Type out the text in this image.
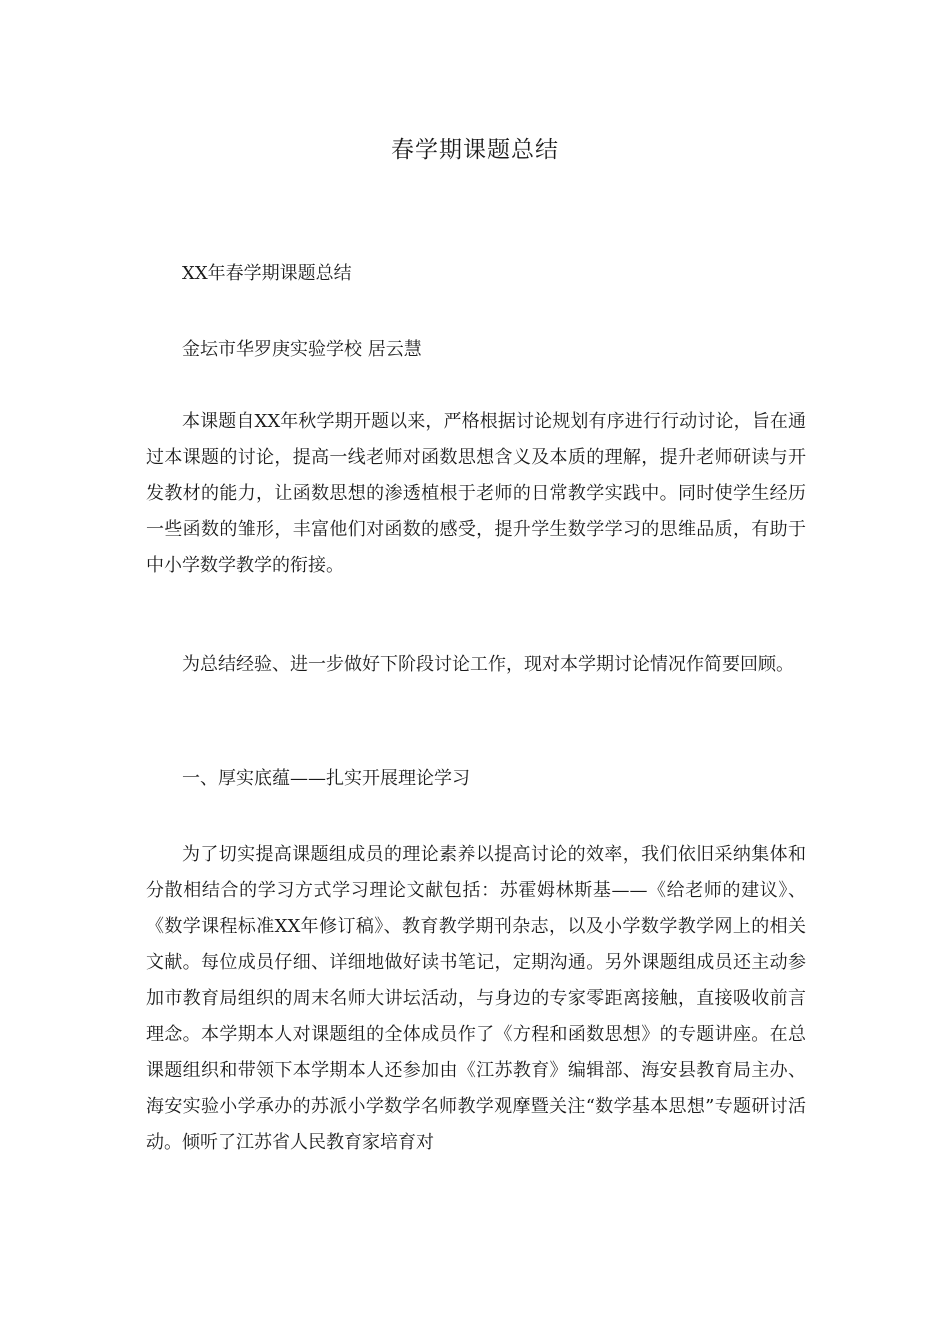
春学期课题总结

XX年春学期课题总结

金坛市华罗庚实验学校 居云慧

本课题自XX年秋学期开题以来，严格根据讨论规划有序进行行动讨论，旨在通过本课题的讨论，提高一线老师对函数思想含义及本质的理解，提升老师研读与开发教材的能力，让函数思想的渗透植根于老师的日常教学实践中。同时使学生经历一些函数的雏形，丰富他们对函数的感受，提升学生数学学习的思维品质，有助于中小学数学教学的衔接。

为总结经验、进一步做好下阶段讨论工作，现对本学期讨论情况作简要回顾。

一、厚实底蕴——扎实开展理论学习

为了切实提高课题组成员的理论素养以提高讨论的效率，我们依旧采纳集体和分散相结合的学习方式学习理论文献包括：苏霍姆林斯基——《给老师的建议》、《数学课程标准XX年修订稿》、教育教学期刊杂志，以及小学数学教学网上的相关文献。每位成员仔细、详细地做好读书笔记，定期沟通。另外课题组成员还主动参加市教育局组织的周末名师大讲坛活动，与身边的专家零距离接触，直接吸收前言理念。本学期本人对课题组的全体成员作了《方程和函数思想》的专题讲座。在总课题组织和带领下本学期本人还参加由《江苏教育》编辑部、海安县教育局主办、海安实验小学承办的苏派小学数学名师教学观摩暨关注“数学基本思想”专题研讨活动。倾听了江苏省人民教育家培育对
